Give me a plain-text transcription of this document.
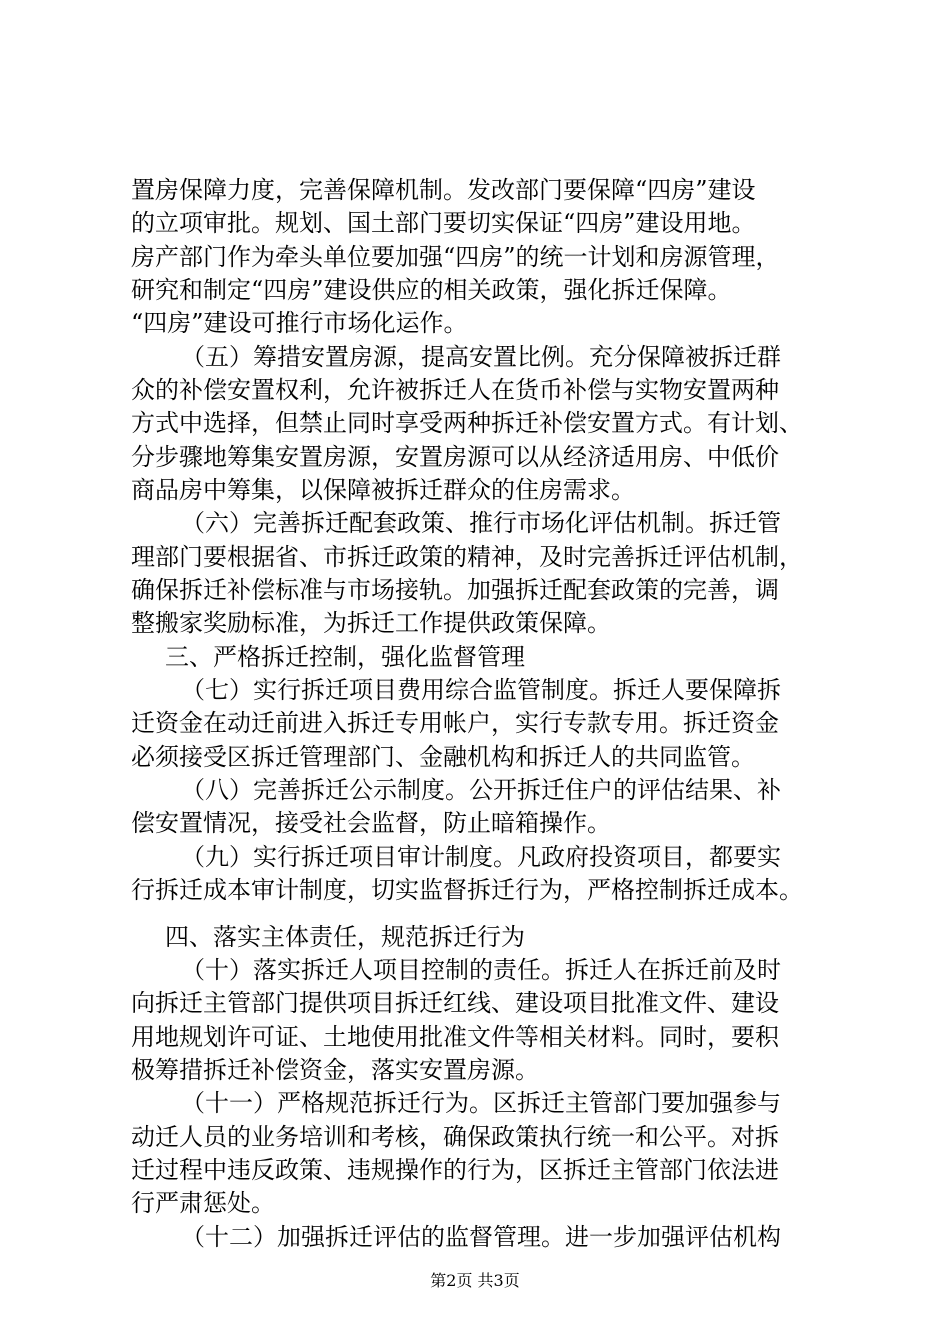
置房保障力度，完善保障机制。发改部门要保障“四房”建设
的立项审批。规划、国土部门要切实保证“四房”建设用地。
房产部门作为牵头单位要加强“四房”的统一计划和房源管理，
研究和制定“四房”建设供应的相关政策，强化拆迁保障。
“四房”建设可推行市场化运作。
（五）筹措安置房源，提高安置比例。充分保障被拆迁群
众的补偿安置权利，允许被拆迁人在货币补偿与实物安置两种
方式中选择，但禁止同时享受两种拆迁补偿安置方式。有计划、
分步骤地筹集安置房源，安置房源可以从经济适用房、中低价
商品房中筹集，以保障被拆迁群众的住房需求。
（六）完善拆迁配套政策、推行市场化评估机制。拆迁管
理部门要根据省、市拆迁政策的精神，及时完善拆迁评估机制，
确保拆迁补偿标准与市场接轨。加强拆迁配套政策的完善，调
整搬家奖励标准，为拆迁工作提供政策保障。
三、严格拆迁控制，强化监督管理
（七）实行拆迁项目费用综合监管制度。拆迁人要保障拆
迁资金在动迁前进入拆迁专用帐户，实行专款专用。拆迁资金
必须接受区拆迁管理部门、金融机构和拆迁人的共同监管。
（八）完善拆迁公示制度。公开拆迁住户的评估结果、补
偿安置情况，接受社会监督，防止暗箱操作。
（九）实行拆迁项目审计制度。凡政府投资项目，都要实
行拆迁成本审计制度，切实监督拆迁行为，严格控制拆迁成本。
四、落实主体责任，规范拆迁行为
（十）落实拆迁人项目控制的责任。拆迁人在拆迁前及时
向拆迁主管部门提供项目拆迁红线、建设项目批准文件、建设
用地规划许可证、土地使用批准文件等相关材料。同时，要积
极筹措拆迁补偿资金，落实安置房源。
（十一）严格规范拆迁行为。区拆迁主管部门要加强参与
动迁人员的业务培训和考核，确保政策执行统一和公平。对拆
迁过程中违反政策、违规操作的行为，区拆迁主管部门依法进
行严肃惩处。
（十二）加强拆迁评估的监督管理。进一步加强评估机构
第2页 共3页
